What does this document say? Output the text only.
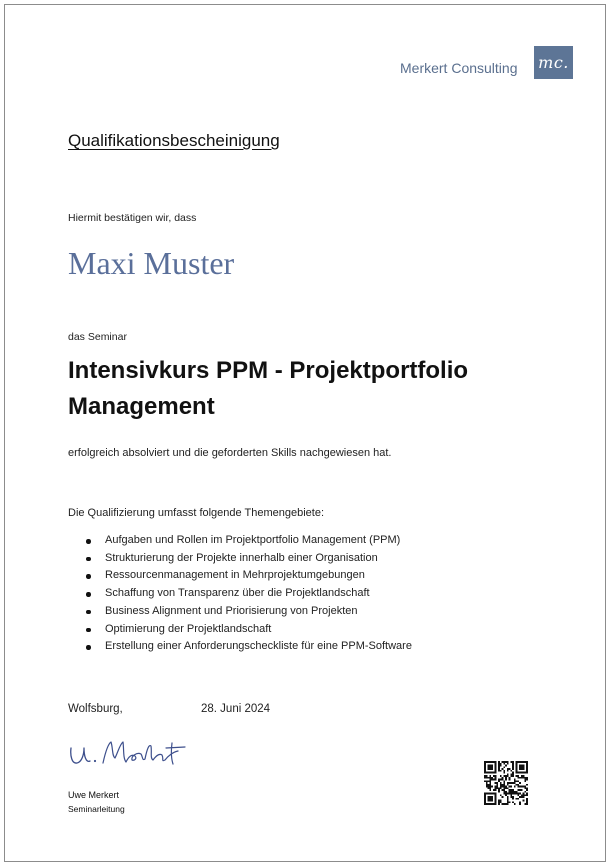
Merkert Consulting mc.
Qualifikationsbescheinigung
Hiermit bestätigen wir, dass
Maxi Muster
das Seminar
Intensivkurs PPM - Projektportfolio Management
erfolgreich absolviert und die geforderten Skills nachgewiesen hat.
Die Qualifizierung umfasst folgende Themengebiete:
Aufgaben und Rollen im Projektportfolio Management (PPM)
Strukturierung der Projekte innerhalb einer Organisation
Ressourcenmanagement in Mehrprojektumgebungen
Schaffung von Transparenz über die Projektlandschaft
Business Alignment und Priorisierung von Projekten
Optimierung der Projektlandschaft
Erstellung einer Anforderungscheckliste für eine PPM-Software
Wolfsburg,	28. Juni 2024
Uwe Merkert
Seminarleitung
